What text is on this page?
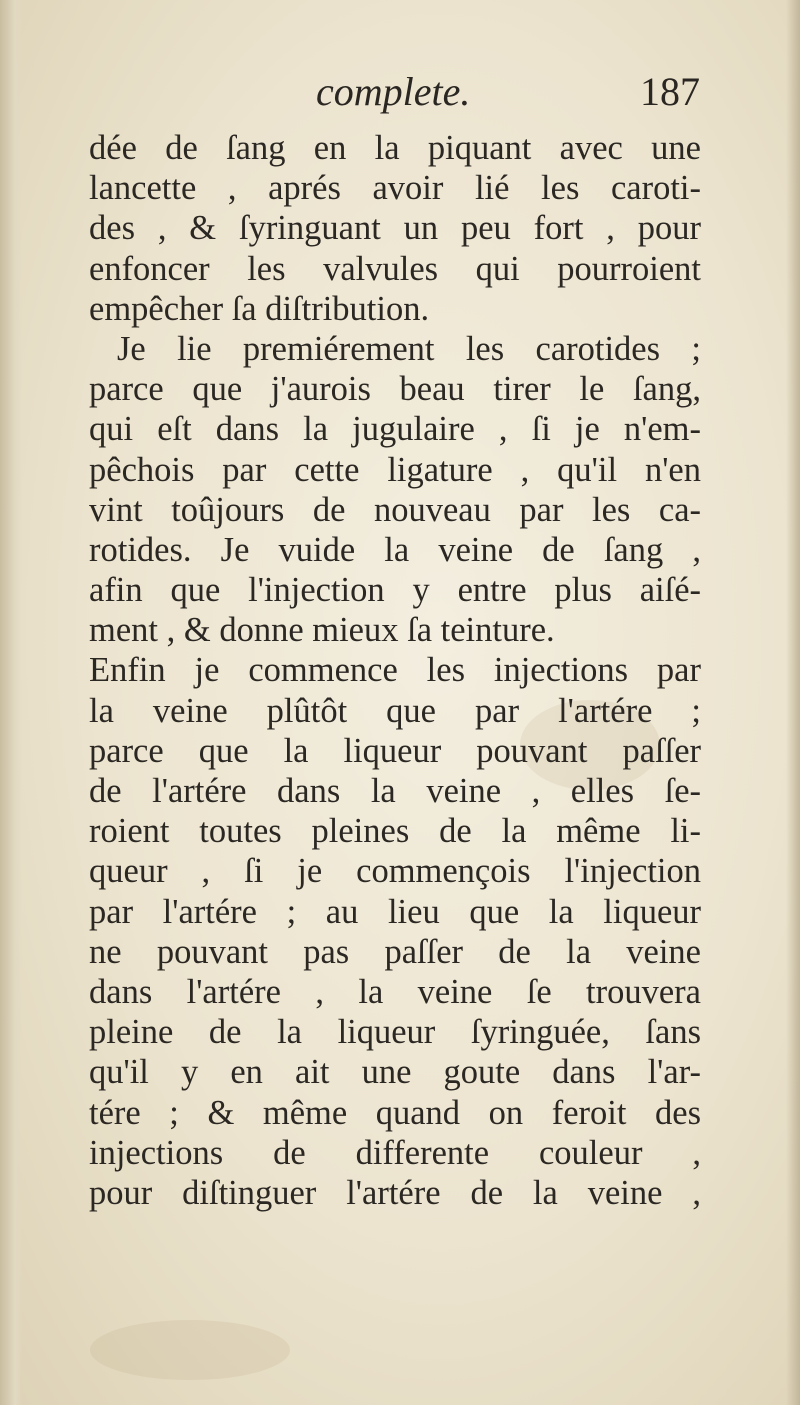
complete.	187
dée de ſang en la piquant avec une
lancette , aprés avoir lié les caroti-
des , & ſyringuant un peu fort , pour
enfoncer les valvules qui pourroient
empêcher ſa diſtribution.
Je lie premiérement les carotides ;
parce que j'aurois beau tirer le ſang,
qui eſt dans la jugulaire , ſi je n'em-
pêchois par cette ligature , qu'il n'en
vint toûjours de nouveau par les ca-
rotides. Je vuide la veine de ſang ,
afin que l'injection y entre plus aiſé-
ment , & donne mieux ſa teinture.
Enfin je commence les injections par
la veine plûtôt que par l'artére ;
parce que la liqueur pouvant paſſer
de l'artére dans la veine , elles ſe-
roient toutes pleines de la même li-
queur , ſi je commençois l'injection
par l'artére ; au lieu que la liqueur
ne pouvant pas paſſer de la veine
dans l'artére , la veine ſe trouvera
pleine de la liqueur ſyringuée, ſans
qu'il y en ait une goute dans l'ar-
tére ; & même quand on feroit des
injections de differente couleur ,
pour diſtinguer l'artére de la veine ,
